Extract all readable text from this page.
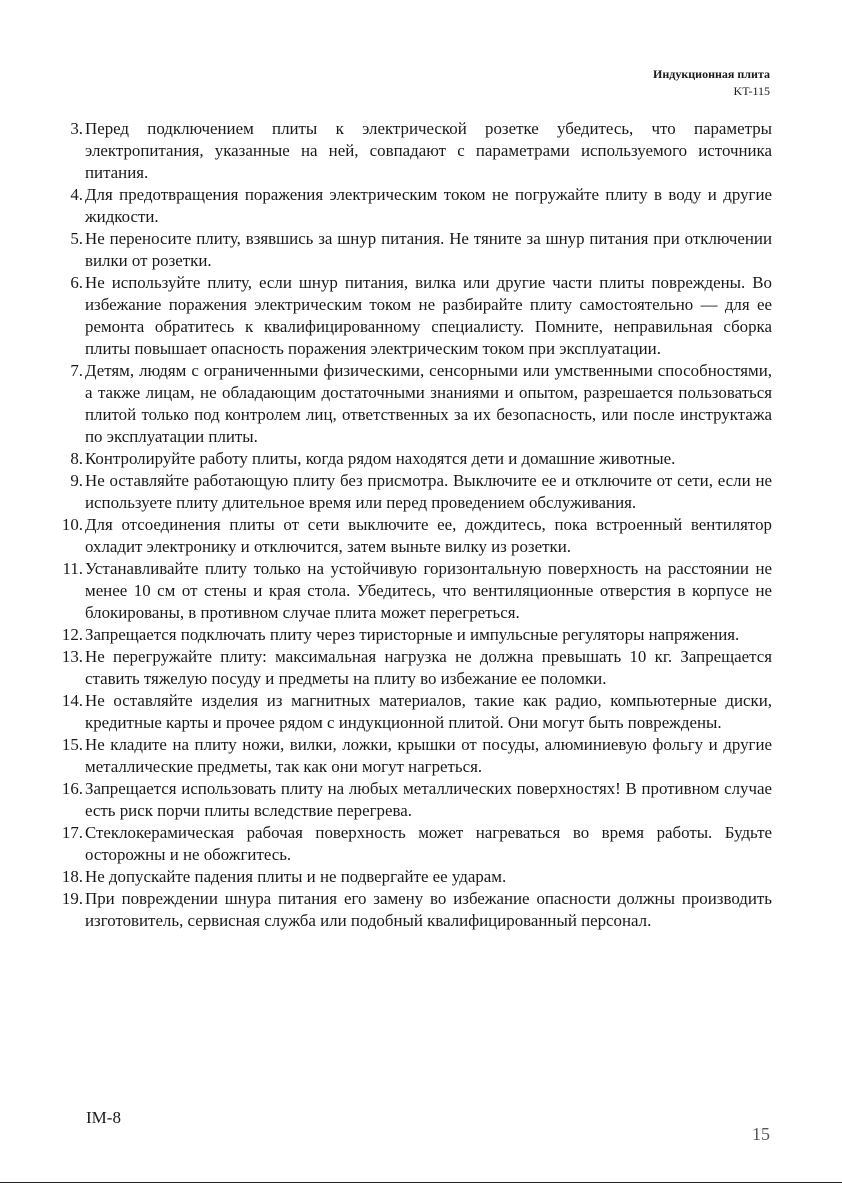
Индукционная плита
KT-115
3. Перед подключением плиты к электрической розетке убедитесь, что параметры электропитания, указанные на ней, совпадают с параметрами используемого источника питания.
4. Для предотвращения поражения электрическим током не погружайте плиту в воду и другие жидкости.
5. Не переносите плиту, взявшись за шнур питания. Не тяните за шнур питания при отключении вилки от розетки.
6. Не используйте плиту, если шнур питания, вилка или другие части плиты повреждены. Во избежание поражения электрическим током не разбирайте плиту самостоятельно — для ее ремонта обратитесь к квалифицированному специалисту. Помните, неправильная сборка плиты повышает опасность поражения электрическим током при эксплуатации.
7. Детям, людям с ограниченными физическими, сенсорными или умственными способностями, а также лицам, не обладающим достаточными знаниями и опытом, разрешается пользоваться плитой только под контролем лиц, ответственных за их безопасность, или после инструктажа по эксплуатации плиты.
8. Контролируйте работу плиты, когда рядом находятся дети и домашние животные.
9. Не оставляйте работающую плиту без присмотра. Выключите ее и отключите от сети, если не используете плиту длительное время или перед проведением обслуживания.
10. Для отсоединения плиты от сети выключите ее, дождитесь, пока встроенный вентилятор охладит электронику и отключится, затем выньте вилку из розетки.
11. Устанавливайте плиту только на устойчивую горизонтальную поверхность на расстоянии не менее 10 см от стены и края стола. Убедитесь, что вентиляционные отверстия в корпусе не блокированы, в противном случае плита может перегреться.
12. Запрещается подключать плиту через тиристорные и импульсные регуляторы напряжения.
13. Не перегружайте плиту: максимальная нагрузка не должна превышать 10 кг. Запрещается ставить тяжелую посуду и предметы на плиту во избежание ее поломки.
14. Не оставляйте изделия из магнитных материалов, такие как радио, компьютерные диски, кредитные карты и прочее рядом с индукционной плитой. Они могут быть повреждены.
15. Не кладите на плиту ножи, вилки, ложки, крышки от посуды, алюминиевую фольгу и другие металлические предметы, так как они могут нагреться.
16. Запрещается использовать плиту на любых металлических поверхностях! В противном случае есть риск порчи плиты вследствие перегрева.
17. Стеклокерамическая рабочая поверхность может нагреваться во время работы. Будьте осторожны и не обожгитесь.
18. Не допускайте падения плиты и не подвергайте ее ударам.
19. При повреждении шнура питания его замену во избежание опасности должны производить изготовитель, сервисная служба или подобный квалифицированный персонал.
IM-8
15
